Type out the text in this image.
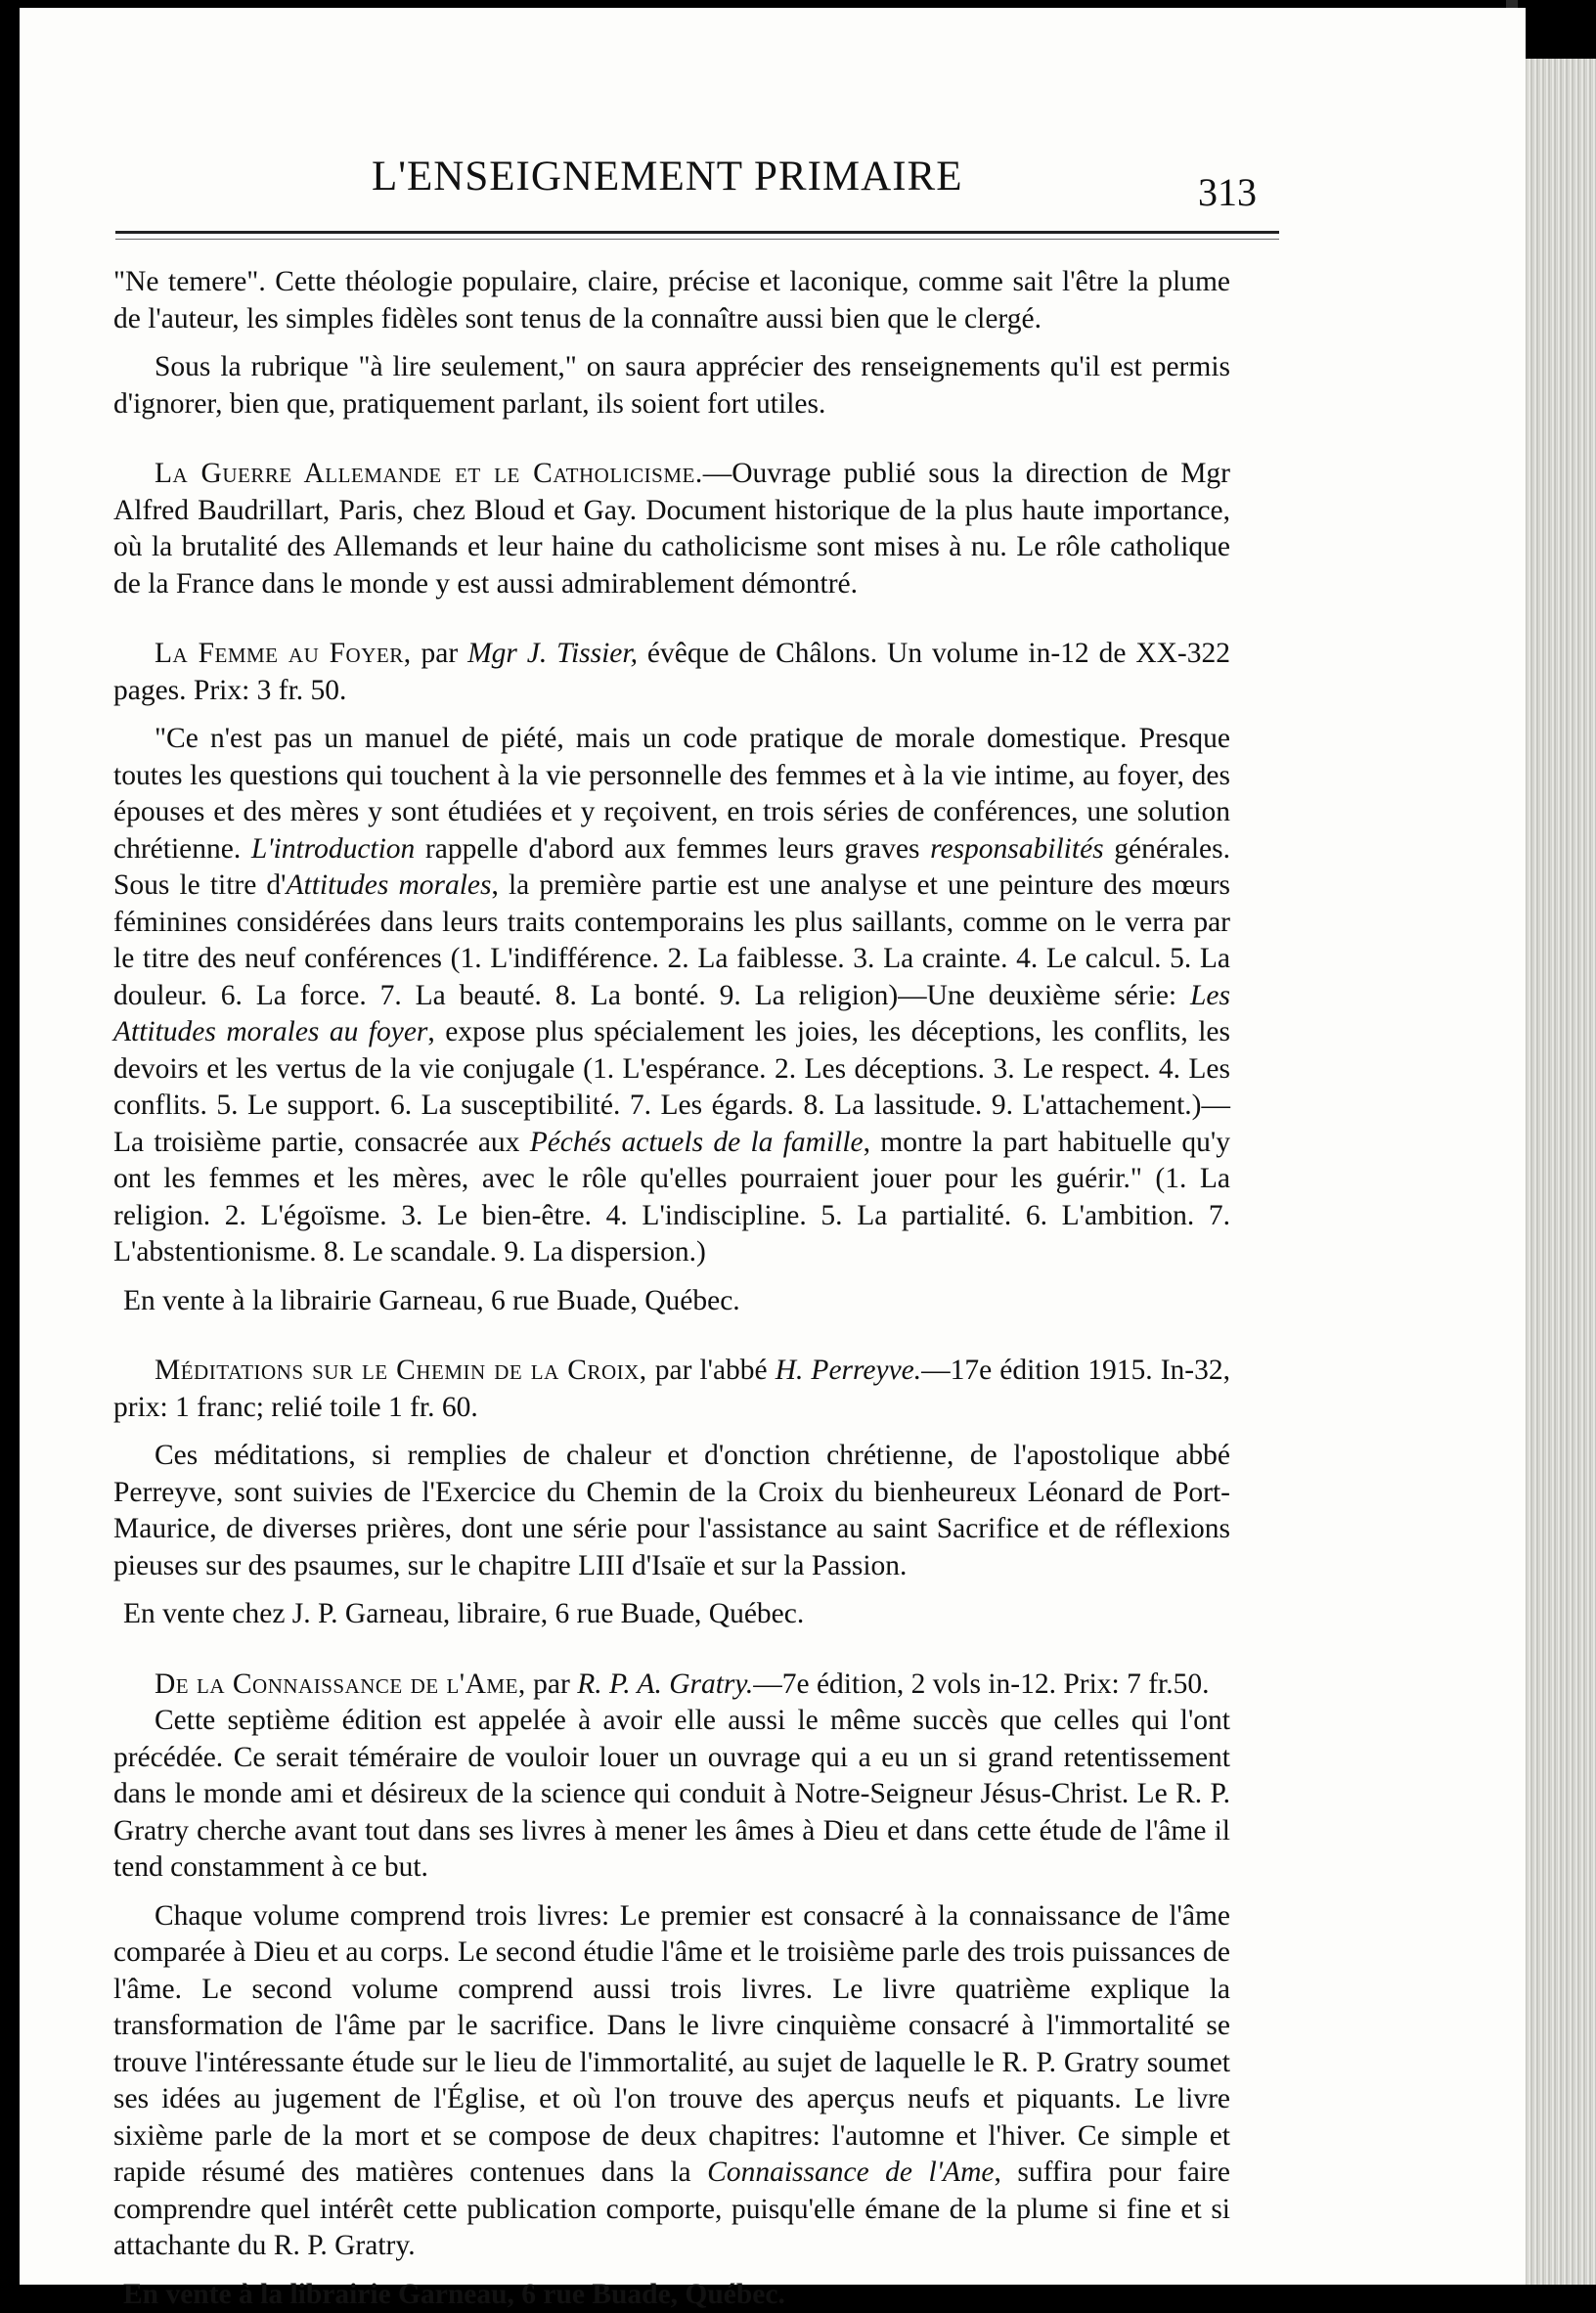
L'ENSEIGNEMENT PRIMAIRE	313

"Ne temere". Cette théologie populaire, claire, précise et laconique, comme sait l'être la plume de l'auteur, les simples fidèles sont tenus de la connaître aussi bien que le clergé.

Sous la rubrique "à lire seulement," on saura apprécier des renseignements qu'il est permis d'ignorer, bien que, pratiquement parlant, ils soient fort utiles.

La Guerre Allemande et le Catholicisme.—Ouvrage publié sous la direction de Mgr Alfred Baudrillart, Paris, chez Bloud et Gay. Document historique de la plus haute importance, où la brutalité des Allemands et leur haine du catholicisme sont mises à nu. Le rôle catholique de la France dans le monde y est aussi admirablement démontré.

La Femme au Foyer, par Mgr J. Tissier, évêque de Châlons. Un volume in-12 de XX-322 pages. Prix: 3 fr. 50.

"Ce n'est pas un manuel de piété, mais un code pratique de morale domestique. Presque toutes les questions qui touchent à la vie personnelle des femmes et à la vie intime, au foyer, des épouses et des mères y sont étudiées et y reçoivent, en trois séries de conférences, une solution chrétienne. L'introduction rappelle d'abord aux femmes leurs graves responsabilités générales. Sous le titre d'Attitudes morales, la première partie est une analyse et une peinture des mœurs féminines considérées dans leurs traits contemporains les plus saillants, comme on le verra par le titre des neuf conférences (1. L'indifférence. 2. La faiblesse. 3. La crainte. 4. Le calcul. 5. La douleur. 6. La force. 7. La beauté. 8. La bonté. 9. La religion)—Une deuxième série: Les Attitudes morales au foyer, expose plus spécialement les joies, les déceptions, les conflits, les devoirs et les vertus de la vie conjugale (1. L'espérance. 2. Les déceptions. 3. Le respect. 4. Les conflits. 5. Le support. 6. La susceptibilité. 7. Les égards. 8. La lassitude. 9. L'attachement.)—La troisième partie, consacrée aux Péchés actuels de la famille, montre la part habituelle qu'y ont les femmes et les mères, avec le rôle qu'elles pourraient jouer pour les guérir." (1. La religion. 2. L'égoïsme. 3. Le bien-être. 4. L'indiscipline. 5. La partialité. 6. L'ambition. 7. L'abstentionisme. 8. Le scandale. 9. La dispersion.)

En vente à la librairie Garneau, 6 rue Buade, Québec.

Méditations sur le Chemin de la Croix, par l'abbé H. Perreyve.—17e édition 1915. In-32, prix: 1 franc; relié toile 1 fr. 60.

Ces méditations, si remplies de chaleur et d'onction chrétienne, de l'apostolique abbé Perreyve, sont suivies de l'Exercice du Chemin de la Croix du bienheureux Léonard de Port-Maurice, de diverses prières, dont une série pour l'assistance au saint Sacrifice et de réflexions pieuses sur des psaumes, sur le chapitre LIII d'Isaïe et sur la Passion.

En vente chez J. P. Garneau, libraire, 6 rue Buade, Québec.

De la Connaissance de l'Ame, par R. P. A. Gratry.—7e édition, 2 vols in-12. Prix: 7 fr.50.

Cette septième édition est appelée à avoir elle aussi le même succès que celles qui l'ont précédée. Ce serait téméraire de vouloir louer un ouvrage qui a eu un si grand retentissement dans le monde ami et désireux de la science qui conduit à Notre-Seigneur Jésus-Christ. Le R. P. Gratry cherche avant tout dans ses livres à mener les âmes à Dieu et dans cette étude de l'âme il tend constamment à ce but.

Chaque volume comprend trois livres: Le premier est consacré à la connaissance de l'âme comparée à Dieu et au corps. Le second étudie l'âme et le troisième parle des trois puissances de l'âme. Le second volume comprend aussi trois livres. Le livre quatrième explique la transformation de l'âme par le sacrifice. Dans le livre cinquième consacré à l'immortalité se trouve l'intéressante étude sur le lieu de l'immortalité, au sujet de laquelle le R. P. Gratry soumet ses idées au jugement de l'Église, et où l'on trouve des aperçus neufs et piquants. Le livre sixième parle de la mort et se compose de deux chapitres: l'automne et l'hiver. Ce simple et rapide résumé des matières contenues dans la Connaissance de l'Ame, suffira pour faire comprendre quel intérêt cette publication comporte, puisqu'elle émane de la plume si fine et si attachante du R. P. Gratry.

En vente à la librairie Garneau, 6 rue Buade, Québec.
